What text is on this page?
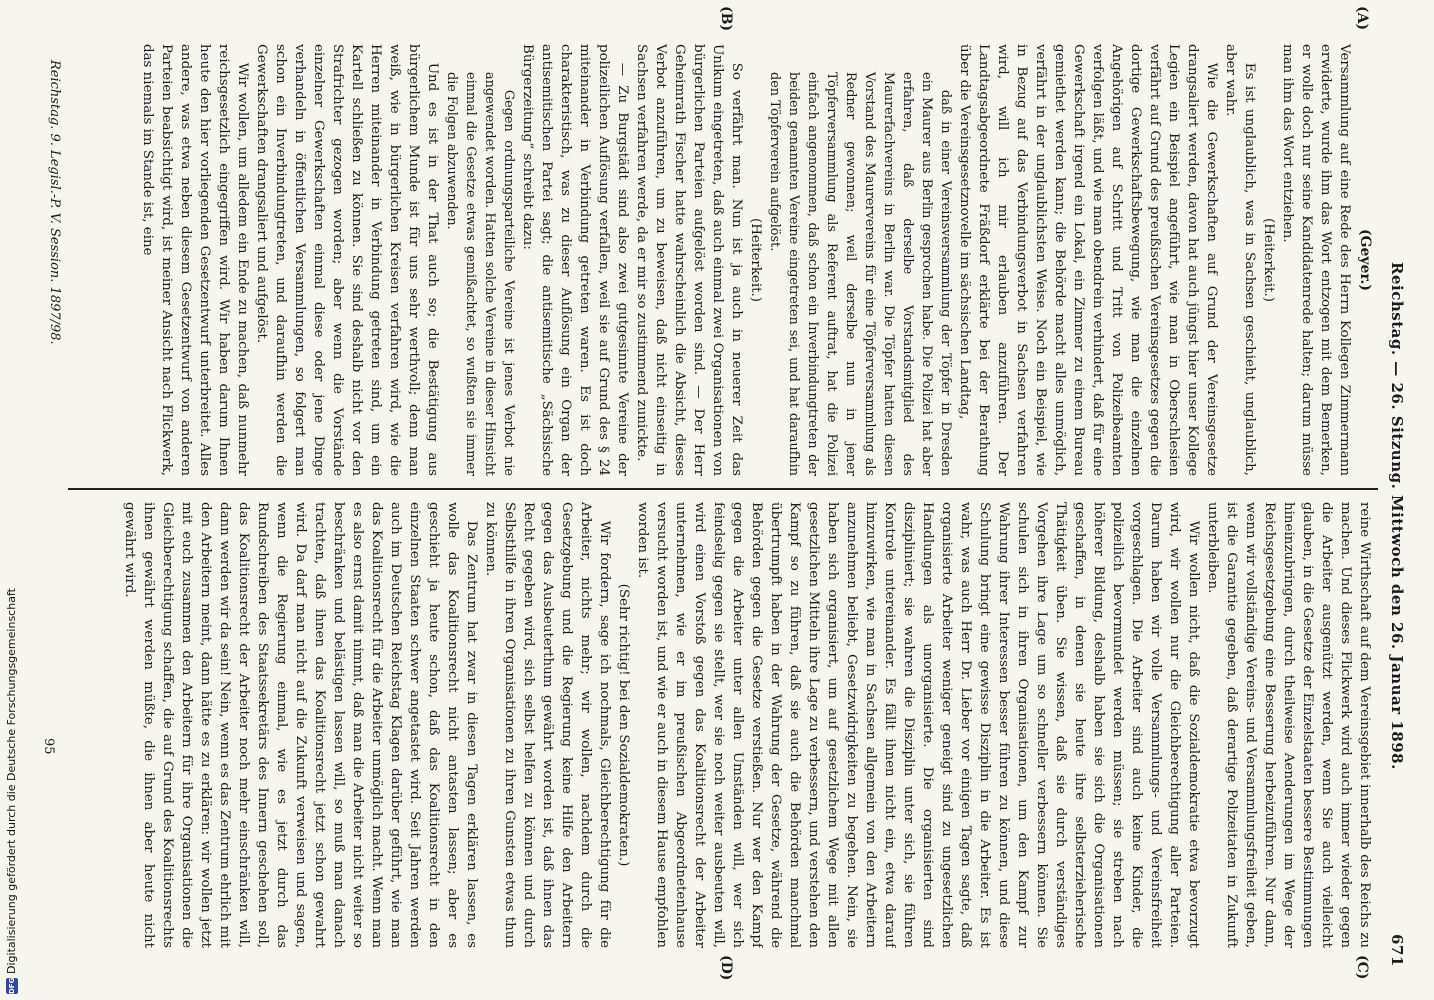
Reichstag. — 26. Sitzung. Mittwoch den 26. Januar 1898.
671
(A)
(B)
(C)
(D)
(Geyer.)

Versammlung auf eine Rede des Herrn Kollegen Zimmermann erwiderte, wurde ihm das Wort entzogen mit dem Bemerken, er wolle doch nur seine Kandidatenrede halten; darum müsse man ihm das Wort entziehen.

(Heiterkeit.)

Es ist unglaublich, was in Sachsen geschieht, unglaublich, aber wahr.

Wie die Gewerkschaften auf Grund der Vereinsgesetze drangsaliert werden, davon hat auch jüngst hier unser Kollege Legien ein Beispiel angeführt, wie man in Oberschlesien verfährt auf Grund des preußischen Vereinsgesetzes gegen die dortige Gewerkschaftsbewegung, wie man die einzelnen Angehörigen auf Schritt und Tritt von Polizeibeamten verfolgen läßt, und wie man obendrein verhindert, daß für eine Gewerkschaft irgend ein Lokal, ein Zimmer zu einem Bureau gemiethet werden kann; die Behörde macht alles unmöglich, verfährt in der unglaublichsten Weise. Noch ein Beispiel, wie in Bezug auf das Verbindungsverbot in Sachsen verfahren wird, will ich mir erlauben anzuführen. Der Landtagsabgeordnete Fräßdorf erklärte bei der Berathung über die Vereinsgesetznovelle im sächsischen Landtag,

daß in einer Vereinsversammlung der Töpfer in Dresden ein Maurer aus Berlin gesprochen habe. Die Polizei hat aber erfahren, daß derselbe Vorstandsmitglied des Maurerfachvereins in Berlin war. Die Töpfer hatten diesen Vorstand des Maurervereins für eine Töpferversammlung als Redner gewonnen; weil derselbe nun in jener Töpferversammlung als Referent auftrat, hat die Polizei einfach angenommen, daß schon ein Inverbindungtreten der beiden genannten Vereine eingetreten sei, und hat daraufhin den Töpferverein aufgelöst.

(Heiterkeit.)

So verfährt man. Nun ist ja auch in neuerer Zeit das Unikum eingetreten, daß auch einmal zwei Organisationen von bürgerlichen Parteien aufgelöst worden sind. — Der Herr Geheimrath Fischer hatte wahrscheinlich die Absicht, dieses Verbot anzuführen, um zu beweisen, daß nicht einseitig in Sachsen verfahren werde, da er mir so zustimmend zunickte.

— Zu Burgstädt sind also zwei gutgesinnte Vereine der polizeilichen Auflösung verfallen, weil sie auf Grund des § 24 miteinander in Verbindung getreten waren. Es ist doch charakteristisch, was zu dieser Auflösung ein Organ der antisemitischen Partei sagt; die antisemitische „Sächsische Bürgerzeitung“ schreibt dazu:

Gegen ordnungsparteiliche Vereine ist jenes Verbot nie angewendet worden. Hatten solche Vereine in dieser Hinsicht einmal die Gesetze etwas gemißachtet, so wußten sie immer die Folgen abzuwenden.

Und es ist in der That auch so; die Bestätigung aus bürgerlichem Munde ist für uns sehr werthvoll; denn man weiß, wie in bürgerlichen Kreisen verfahren wird, wie die Herren miteinander in Verbindung getreten sind, um ein Kartell schließen zu können. Sie sind deshalb nicht vor den Strafrichter gezogen worden; aber wenn die Vorstände einzelner Gewerkschaften einmal diese oder jene Dinge verhandeln in öffentlichen Versammlungen, so folgert man schon ein Inverbindungtreten, und daraufhin werden die Gewerkschaften drangsaliert und aufgelöst.

Wir wollen, um alledem ein Ende zu machen, daß nunmehr reichsgesetzlich eingegriffen wird. Wir haben darum Ihnen heute den hier vorliegenden Gesetzentwurf unterbreitet. Alles andere, was etwa neben diesem Gesetzentwurf von anderen Parteien beabsichtigt wird, ist meiner Ansicht nach Flickwerk, das niemals im Stande ist, eine

reine Wirthschaft auf dem Vereinsgebiet innerhalb des Reichs zu machen. Und dieses Flickwerk wird auch immer wieder gegen die Arbeiter ausgenützt werden, wenn Sie auch vielleicht glauben, in die Gesetze der Einzelstaaten bessere Bestimmungen hineinzubringen, durch theilweise Aenderungen im Wege der Reichsgesetzgebung eine Besserung herbeizuführen. Nur dann, wenn wir vollständige Vereins- und Versammlungsfreiheit geben, ist die Garantie gegeben, daß derartige Polizeitaten in Zukunft unterbleiben.

Wir wollen nicht, daß die Sozialdemokratie etwa bevorzugt wird, wir wollen nur die Gleichberechtigung aller Parteien. Darum haben wir volle Versammlungs- und Vereinsfreiheit vorgeschlagen. Die Arbeiter sind auch keine Kinder, die polizeilich bevormundet werden müssen; sie streben nach höherer Bildung, deshalb haben sie sich die Organisationen geschaffen, in denen sie heute ihre selbsterzieherische Thätigkeit üben. Sie wissen, daß sie durch verständiges Vorgehen ihre Lage um so schneller verbessern können. Sie schulen sich in ihren Organisationen, um den Kampf zur Wahrung ihrer Interessen besser führen zu können, und diese Schulung bringt eine gewisse Disziplin in die Arbeiter. Es ist wahr, was auch Herr Dr. Lieber vor einigen Tagen sagte, daß organisierte Arbeiter weniger geneigt sind zu ungesetzlichen Handlungen als unorganisierte. Die organisierten sind diszipliniert; sie wahren die Disziplin unter sich, sie führen Kontrole untereinander. Es fällt ihnen nicht ein, etwa darauf hinzuwirken, wie man in Sachsen allgemein von den Arbeitern anzunehmen beliebt, Gesetzwidrigkeiten zu begehen. Nein, sie haben sich organisiert, um auf gesetzlichem Wege mit allen gesetzlichen Mitteln ihre Lage zu verbessern, und verstehen den Kampf so zu führen, daß sie auch die Behörden manchmal übertrumpft haben in der Wahrung der Gesetze, während die Behörden gegen die Gesetze verstießen. Nur wer den Kampf gegen die Arbeiter unter allen Umständen will, wer sich feindselig gegen sie stellt, wer sie noch weiter ausbeuten will, wird einen Vorstoß gegen das Koalitionsrecht der Arbeiter unternehmen, wie er im preußischen Abgeordnetenhause versucht worden ist, und wie er auch in diesem Hause empfohlen worden ist.

(Sehr richtig! bei den Sozialdemokraten.)

Wir fordern, sage ich nochmals, Gleichberechtigung für die Arbeiter, nichts mehr; wir wollen, nachdem durch die Gesetzgebung und die Regierung keine Hilfe den Arbeitern gegen das Ausbeuterthum gewährt worden ist, daß ihnen das Recht gegeben wird, sich selbst helfen zu können und durch Selbsthilfe in ihren Organisationen zu ihren Gunsten etwas thun zu können.

Das Zentrum hat zwar in diesen Tagen erklären lassen, es wolle das Koalitionsrecht nicht antasten lassen; aber es geschieht ja heute schon, daß das Koalitionsrecht in den einzelnen Staaten schwer angetastet wird. Seit Jahren werden auch im Deutschen Reichstag Klagen darüber geführt, wie man das Koalitionsrecht für die Arbeiter unmöglich macht. Wenn man es also ernst damit nimmt, daß man die Arbeiter nicht weiter so beschränken und belästigen lassen will, so muß man danach trachten, daß ihnen das Koalitionsrecht jetzt schon gewahrt wird. Da darf man nicht auf die Zukunft verweisen und sagen, wenn die Regierung einmal, wie es jetzt durch das Rundschreiben des Staatssekretärs des Innern geschehen soll, das Koalitionsrecht der Arbeiter noch mehr einschränken will, dann werden wir da sein! Nein, wenn es das Zentrum ehrlich mit den Arbeitern meint, dann hätte es zu erklären: wir wollen jetzt mit euch zusammen den Arbeitern für ihre Organisationen die Gleichberechtigung schaffen, die auf Grund des Koalitionsrechts ihnen gewährt werden müßte, die ihnen aber heute nicht gewährt wird.

Reichstag. 9. Legisl.-P. V. Session. 1897/98.
95
DFGDigitalisierung gefördert durch die Deutsche Forschungsgemeinschaft
